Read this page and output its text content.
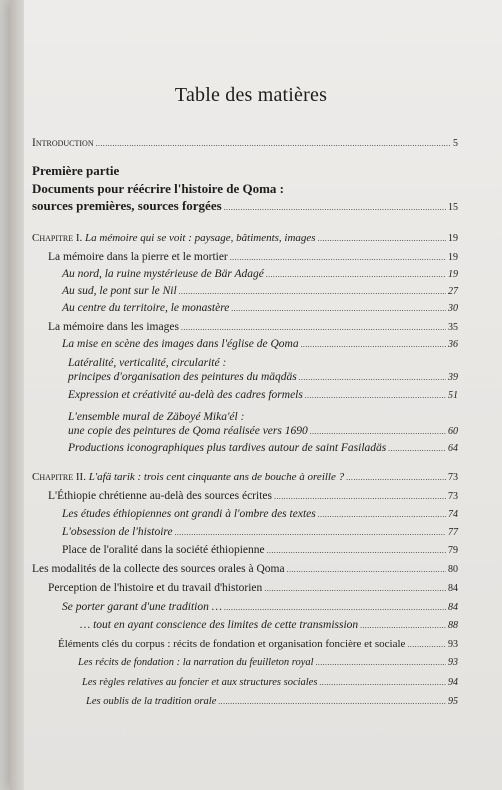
Table des matières
Introduction .....	5
Première partie
Documents pour réécrire l'histoire de Qoma :
sources premières, sources forgées .....	15
Chapitre I. La mémoire qui se voit : paysage, bâtiments, images .....	19
La mémoire dans la pierre et le mortier .....	19
Au nord, la ruine mystérieuse de Bär Adagé .....	19
Au sud, le pont sur le Nil .....	27
Au centre du territoire, le monastère .....	30
La mémoire dans les images .....	35
La mise en scène des images dans l'église de Qoma .....	36
Latéralité, verticalité, circularité :
principes d'organisation des peintures du mäqdäs .....	39
Expression et créativité au-delà des cadres formels .....	51
L'ensemble mural de Zäboyé Mika'él :
une copie des peintures de Qoma réalisée vers 1690 .....	60
Productions iconographiques plus tardives autour de saint Fasiladäs .....	64
Chapitre II. L'afä tarik : trois cent cinquante ans de bouche à oreille ? .....	73
L'Éthiopie chrétienne au-delà des sources écrites .....	73
Les études éthiopiennes ont grandi à l'ombre des textes .....	74
L'obsession de l'histoire .....	77
Place de l'oralité dans la société éthiopienne .....	79
Les modalités de la collecte des sources orales à Qoma .....	80
Perception de l'histoire et du travail d'historien .....	84
Se porter garant d'une tradition … .....	84
… tout en ayant conscience des limites de cette transmission .....	88
Éléments clés du corpus : récits de fondation et organisation foncière et sociale .....	93
Les récits de fondation : la narration du feuilleton royal .....	93
Les règles relatives au foncier et aux structures sociales .....	94
Les oublis de la tradition orale .....	95
